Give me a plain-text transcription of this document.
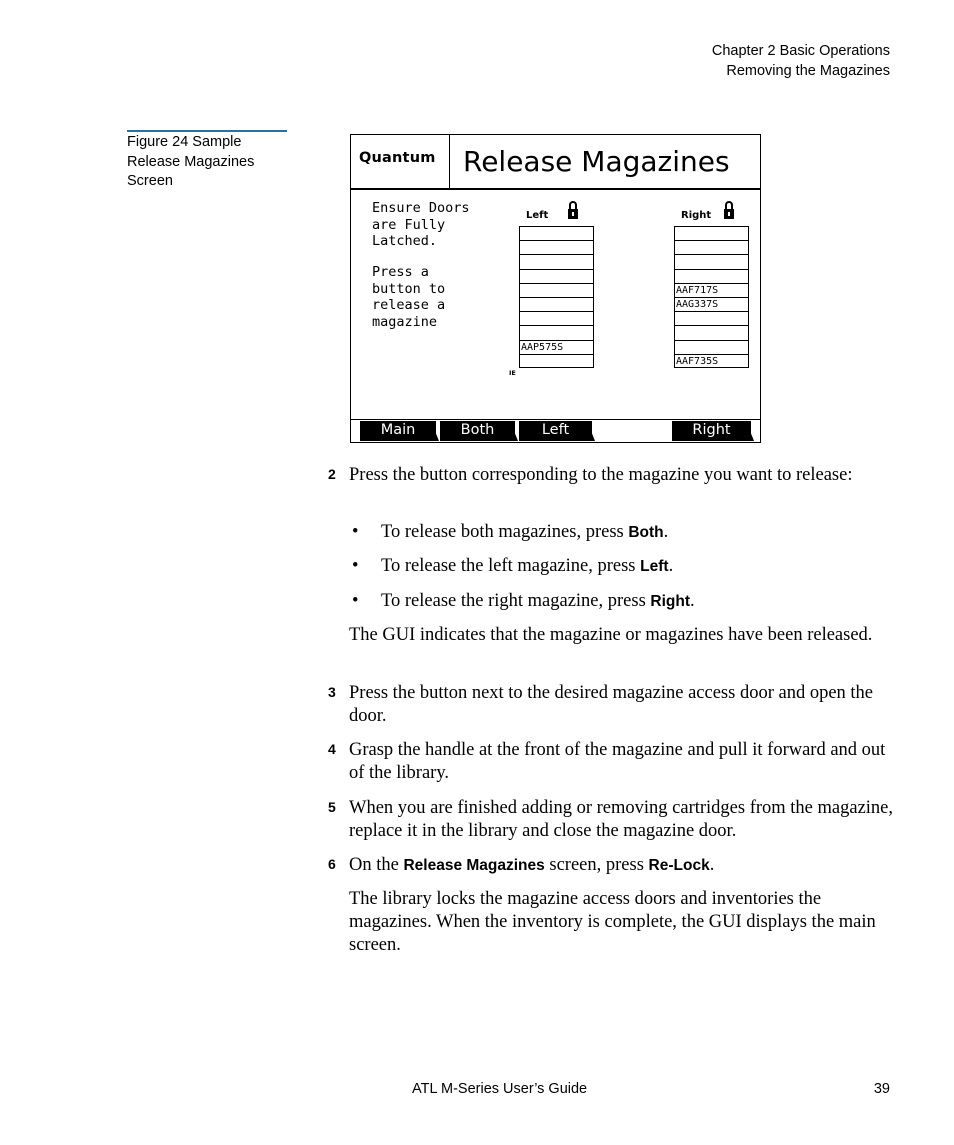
Chapter 2 Basic Operations
Removing the Magazines
Figure 24 Sample
Release Magazines
Screen
Quantum Release Magazines
Ensure Doors
are Fully
Latched.
Press a
button to
release a
magazine
Left
AAP575S
IE
Right
AAF717S
AAG337S
AAF735S
Main	Both	Left	Right
2 Press the button corresponding to the magazine you want to release:
• To release both magazines, press Both.
• To release the left magazine, press Left.
• To release the right magazine, press Right.
The GUI indicates that the magazine or magazines have been released.
3 Press the button next to the desired magazine access door and open the door.
4 Grasp the handle at the front of the magazine and pull it forward and out of the library.
5 When you are finished adding or removing cartridges from the magazine, replace it in the library and close the magazine door.
6 On the Release Magazines screen, press Re-Lock.
The library locks the magazine access doors and inventories the magazines. When the inventory is complete, the GUI displays the main screen.
ATL M-Series User’s Guide	39
